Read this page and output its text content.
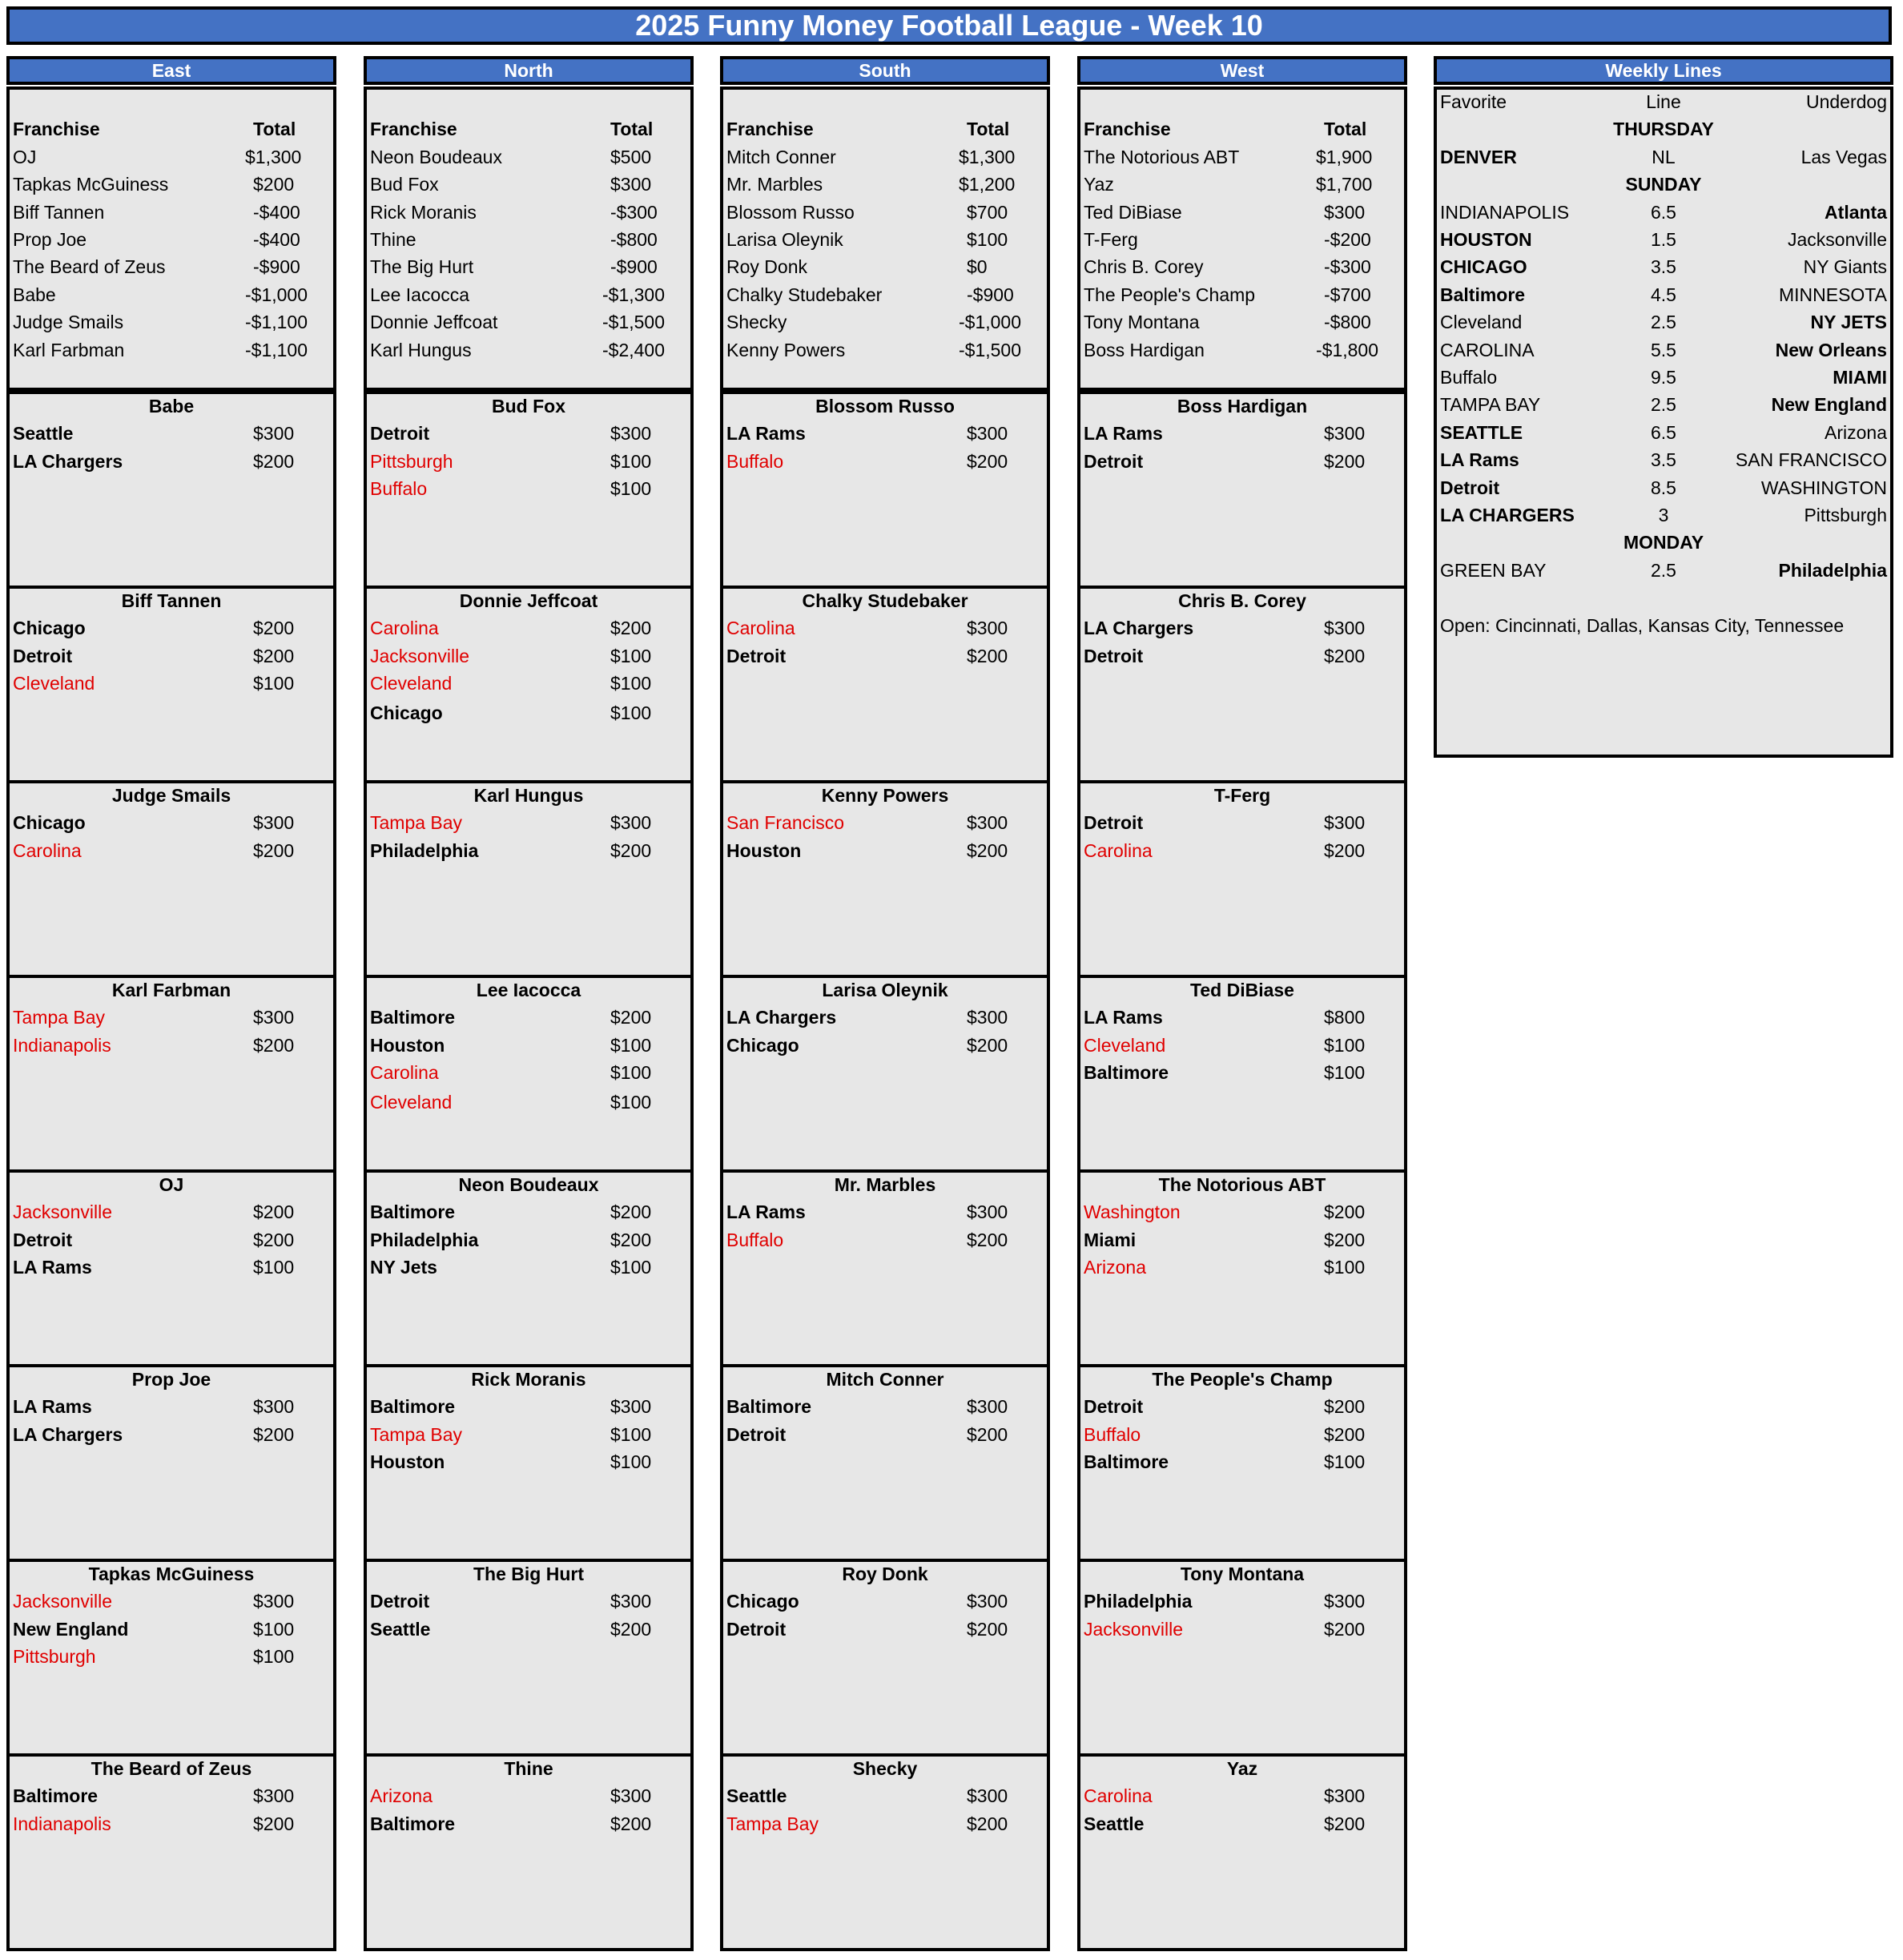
2025 Funny Money Football League - Week 10
East
Franchise	Total
OJ	$1,300
Tapkas McGuiness	$200
Biff Tannen	-$400
Prop Joe	-$400
The Beard of Zeus	-$900
Babe	-$1,000
Judge Smails	-$1,100
Karl Farbman	-$1,100
Babe
Seattle	$300
LA Chargers	$200
Biff Tannen
Chicago	$200
Detroit	$200
Cleveland	$100
Judge Smails
Chicago	$300
Carolina	$200
Karl Farbman
Tampa Bay	$300
Indianapolis	$200
OJ
Jacksonville	$200
Detroit	$200
LA Rams	$100
Prop Joe
LA Rams	$300
LA Chargers	$200
Tapkas McGuiness
Jacksonville	$300
New England	$100
Pittsburgh	$100
The Beard of Zeus
Baltimore	$300
Indianapolis	$200
North
Franchise	Total
Neon Boudeaux	$500
Bud Fox	$300
Rick Moranis	-$300
Thine	-$800
The Big Hurt	-$900
Lee Iacocca	-$1,300
Donnie Jeffcoat	-$1,500
Karl Hungus	-$2,400
Bud Fox
Detroit	$300
Pittsburgh	$100
Buffalo	$100
Donnie Jeffcoat
Carolina	$200
Jacksonville	$100
Cleveland	$100
Chicago	$100
Karl Hungus
Tampa Bay	$300
Philadelphia	$200
Lee Iacocca
Baltimore	$200
Houston	$100
Carolina	$100
Cleveland	$100
Neon Boudeaux
Baltimore	$200
Philadelphia	$200
NY Jets	$100
Rick Moranis
Baltimore	$300
Tampa Bay	$100
Houston	$100
The Big Hurt
Detroit	$300
Seattle	$200
Thine
Arizona	$300
Baltimore	$200
South
Franchise	Total
Mitch Conner	$1,300
Mr. Marbles	$1,200
Blossom Russo	$700
Larisa Oleynik	$100
Roy Donk	$0
Chalky Studebaker	-$900
Shecky	-$1,000
Kenny Powers	-$1,500
Blossom Russo
LA Rams	$300
Buffalo	$200
Chalky Studebaker
Carolina	$300
Detroit	$200
Kenny Powers
San Francisco	$300
Houston	$200
Larisa Oleynik
LA Chargers	$300
Chicago	$200
Mr. Marbles
LA Rams	$300
Buffalo	$200
Mitch Conner
Baltimore	$300
Detroit	$200
Roy Donk
Chicago	$300
Detroit	$200
Shecky
Seattle	$300
Tampa Bay	$200
West
Franchise	Total
The Notorious ABT	$1,900
Yaz	$1,700
Ted DiBiase	$300
T-Ferg	-$200
Chris B. Corey	-$300
The People's Champ	-$700
Tony Montana	-$800
Boss Hardigan	-$1,800
Boss Hardigan
LA Rams	$300
Detroit	$200
Chris B. Corey
LA Chargers	$300
Detroit	$200
T-Ferg
Detroit	$300
Carolina	$200
Ted DiBiase
LA Rams	$800
Cleveland	$100
Baltimore	$100
The Notorious ABT
Washington	$200
Miami	$200
Arizona	$100
The People's Champ
Detroit	$200
Buffalo	$200
Baltimore	$100
Tony Montana
Philadelphia	$300
Jacksonville	$200
Yaz
Carolina	$300
Seattle	$200
Weekly Lines
Favorite	Line	Underdog
THURSDAY
DENVER	NL	Las Vegas
SUNDAY
INDIANAPOLIS	6.5	Atlanta
HOUSTON	1.5	Jacksonville
CHICAGO	3.5	NY Giants
Baltimore	4.5	MINNESOTA
Cleveland	2.5	NY JETS
CAROLINA	5.5	New Orleans
Buffalo	9.5	MIAMI
TAMPA BAY	2.5	New England
SEATTLE	6.5	Arizona
LA Rams	3.5	SAN FRANCISCO
Detroit	8.5	WASHINGTON
LA CHARGERS	3	Pittsburgh
MONDAY
GREEN BAY	2.5	Philadelphia
Open: Cincinnati, Dallas, Kansas City, Tennessee
